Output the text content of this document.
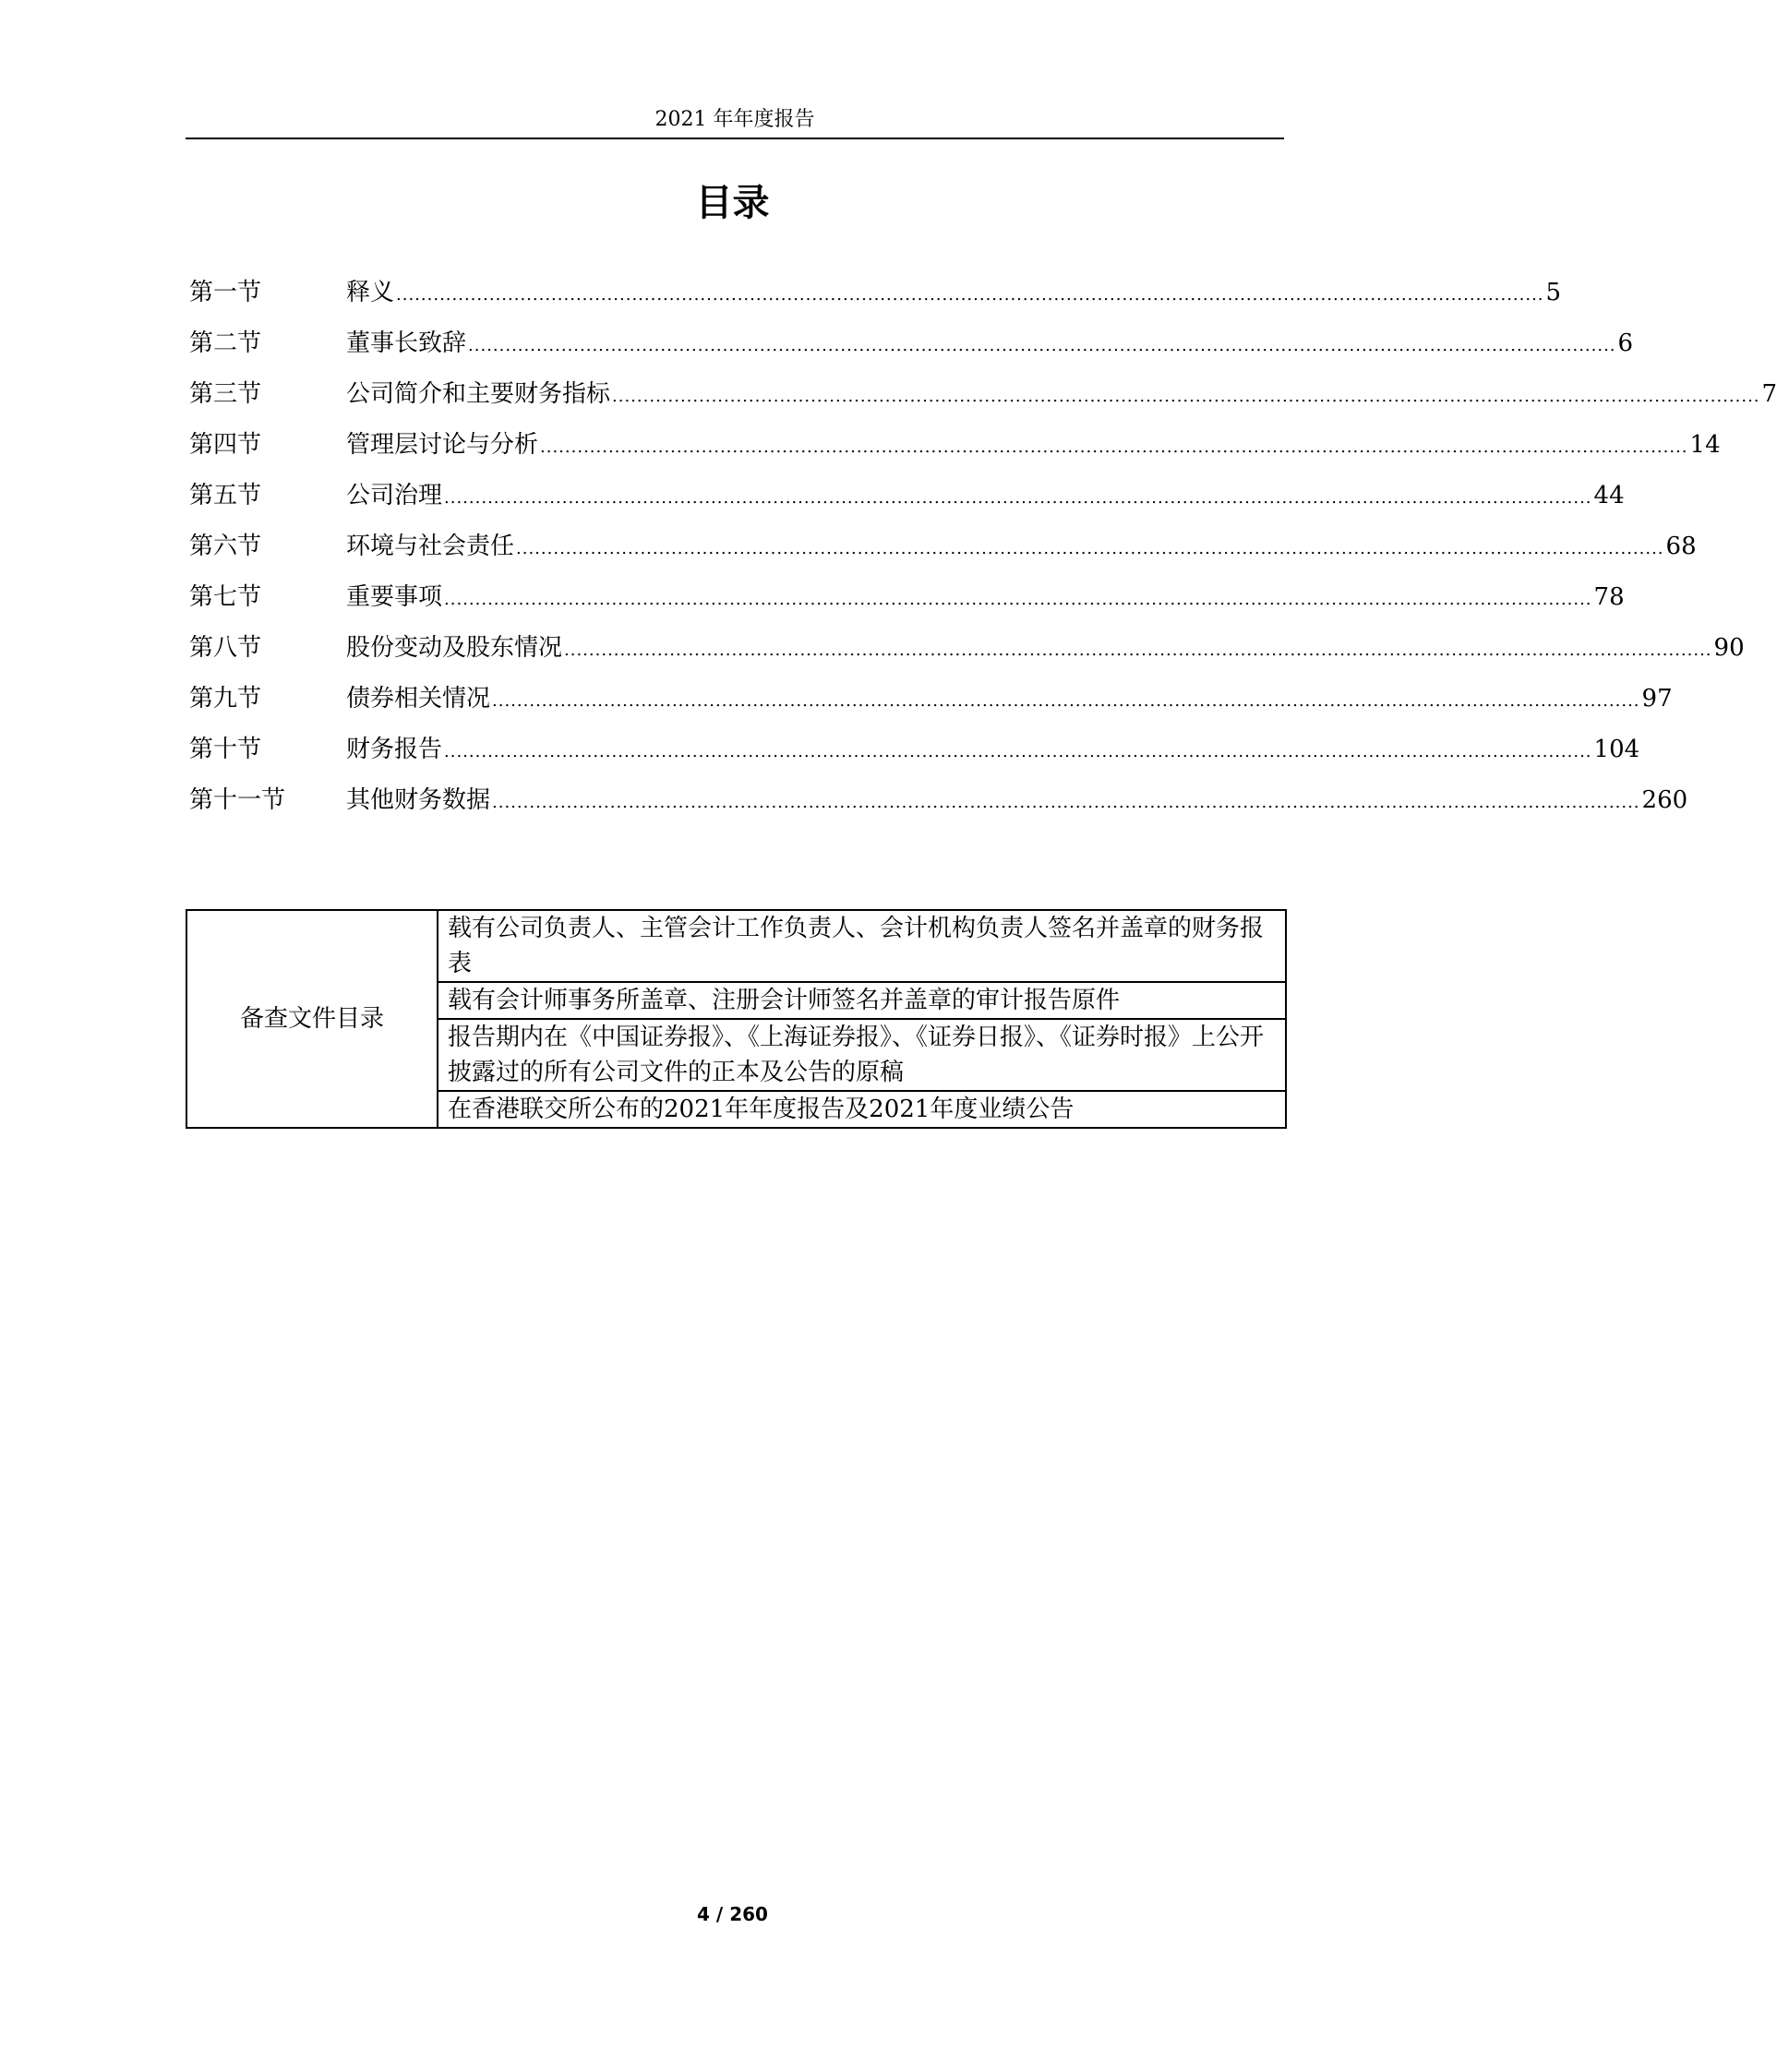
2021 年年度报告
目录
第一节	释义 ......................................................................................................................................................................................... 5
第二节	董事长致辞 ......................................................................................................................................................................................... 6
第三节	公司简介和主要财务指标 ......................................................................................................................................................................................... 7
第四节	管理层讨论与分析 ......................................................................................................................................................................................... 14
第五节	公司治理 ......................................................................................................................................................................................... 44
第六节	环境与社会责任 ......................................................................................................................................................................................... 68
第七节	重要事项 ......................................................................................................................................................................................... 78
第八节	股份变动及股东情况 ......................................................................................................................................................................................... 90
第九节	债券相关情况 ......................................................................................................................................................................................... 97
第十节	财务报告 ......................................................................................................................................................................................... 104
第十一节	其他财务数据 ......................................................................................................................................................................................... 260
备查文件目录	载有公司负责人、主管会计工作负责人、会计机构负责人签名并盖章的财务报表
载有会计师事务所盖章、注册会计师签名并盖章的审计报告原件
报告期内在《中国证券报》、《上海证券报》、《证券日报》、《证券时报》上公开披露过的所有公司文件的正本及公告的原稿
在香港联交所公布的2021年年度报告及2021年度业绩公告
4 / 260
